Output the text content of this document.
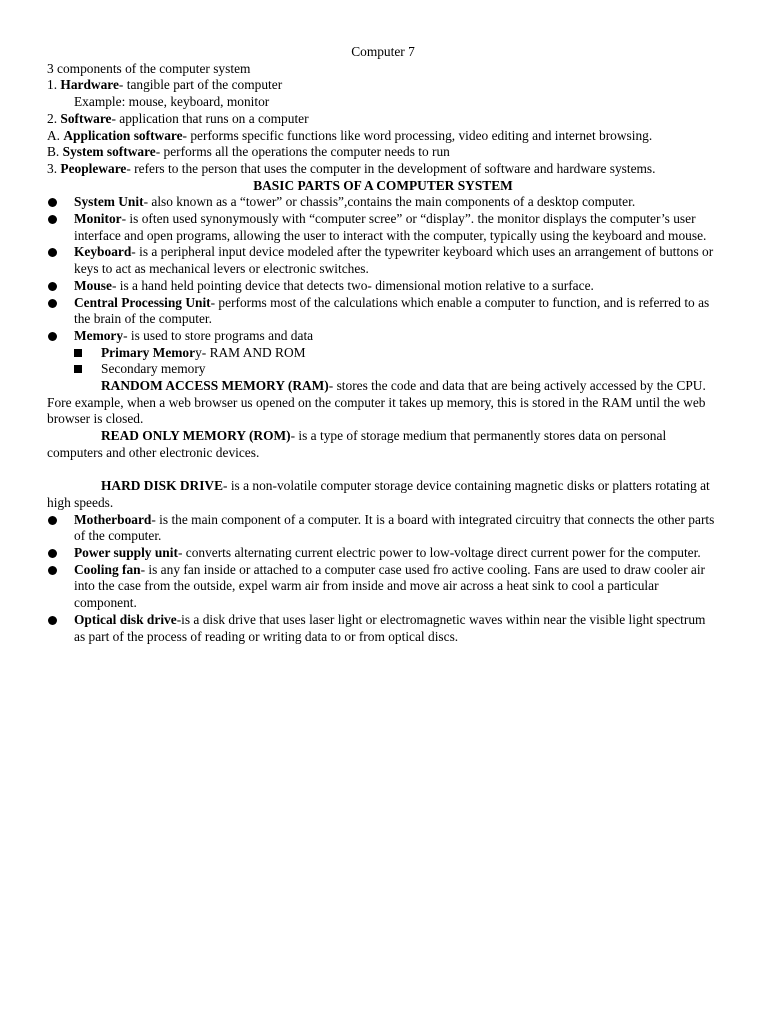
Computer 7

3 components of the computer system

1. Hardware- tangible part of the computer

Example: mouse, keyboard, monitor

2. Software- application that runs on a computer

A. Application software- performs specific functions like word processing, video editing and internet browsing.

B. System software- performs all the operations the computer needs to run

3. Peopleware- refers to the person that uses the computer in the development of software and hardware systems.

BASIC PARTS OF A COMPUTER SYSTEM

System Unit- also known as a “tower” or chassis”,contains the main components of a desktop computer.

Monitor- is often used synonymously with “computer scree” or “display”. the monitor displays the computer’s user interface and open programs, allowing the user to interact with the computer, typically using the keyboard and mouse.

Keyboard- is a peripheral input device modeled after the typewriter keyboard which uses an arrangement of buttons or keys to act as mechanical levers or electronic switches.

Mouse- is a hand held pointing device that detects two- dimensional motion relative to a surface.

Central Processing Unit- performs most of the calculations which enable a computer to function, and is referred to as the brain of the computer.

Memory- is used to store programs and data

Primary Memory- RAM AND ROM

Secondary memory

RANDOM ACCESS MEMORY (RAM)- stores the code and data that are being actively accessed by the CPU. Fore example, when a web browser us opened on the computer it takes up memory, this is stored in the RAM until the web browser is closed.

READ ONLY MEMORY (ROM)- is a type of storage medium that permanently stores data on personal computers and other electronic devices.

HARD DISK DRIVE- is a non-volatile computer storage device containing magnetic disks or platters rotating at high speeds.

Motherboard- is the main component of a computer. It is a board with integrated circuitry that connects the other parts of the computer.

Power supply unit- converts alternating current electric power to low-voltage direct current power for the computer.

Cooling fan- is any fan inside or attached to a computer case used fro active cooling. Fans are used to draw cooler air into the case from the outside, expel warm air from inside and move air across a heat sink to cool a particular component.

Optical disk drive-is a disk drive that uses laser light or electromagnetic waves within near the visible light spectrum as part of the process of reading or writing data to or from optical discs.
